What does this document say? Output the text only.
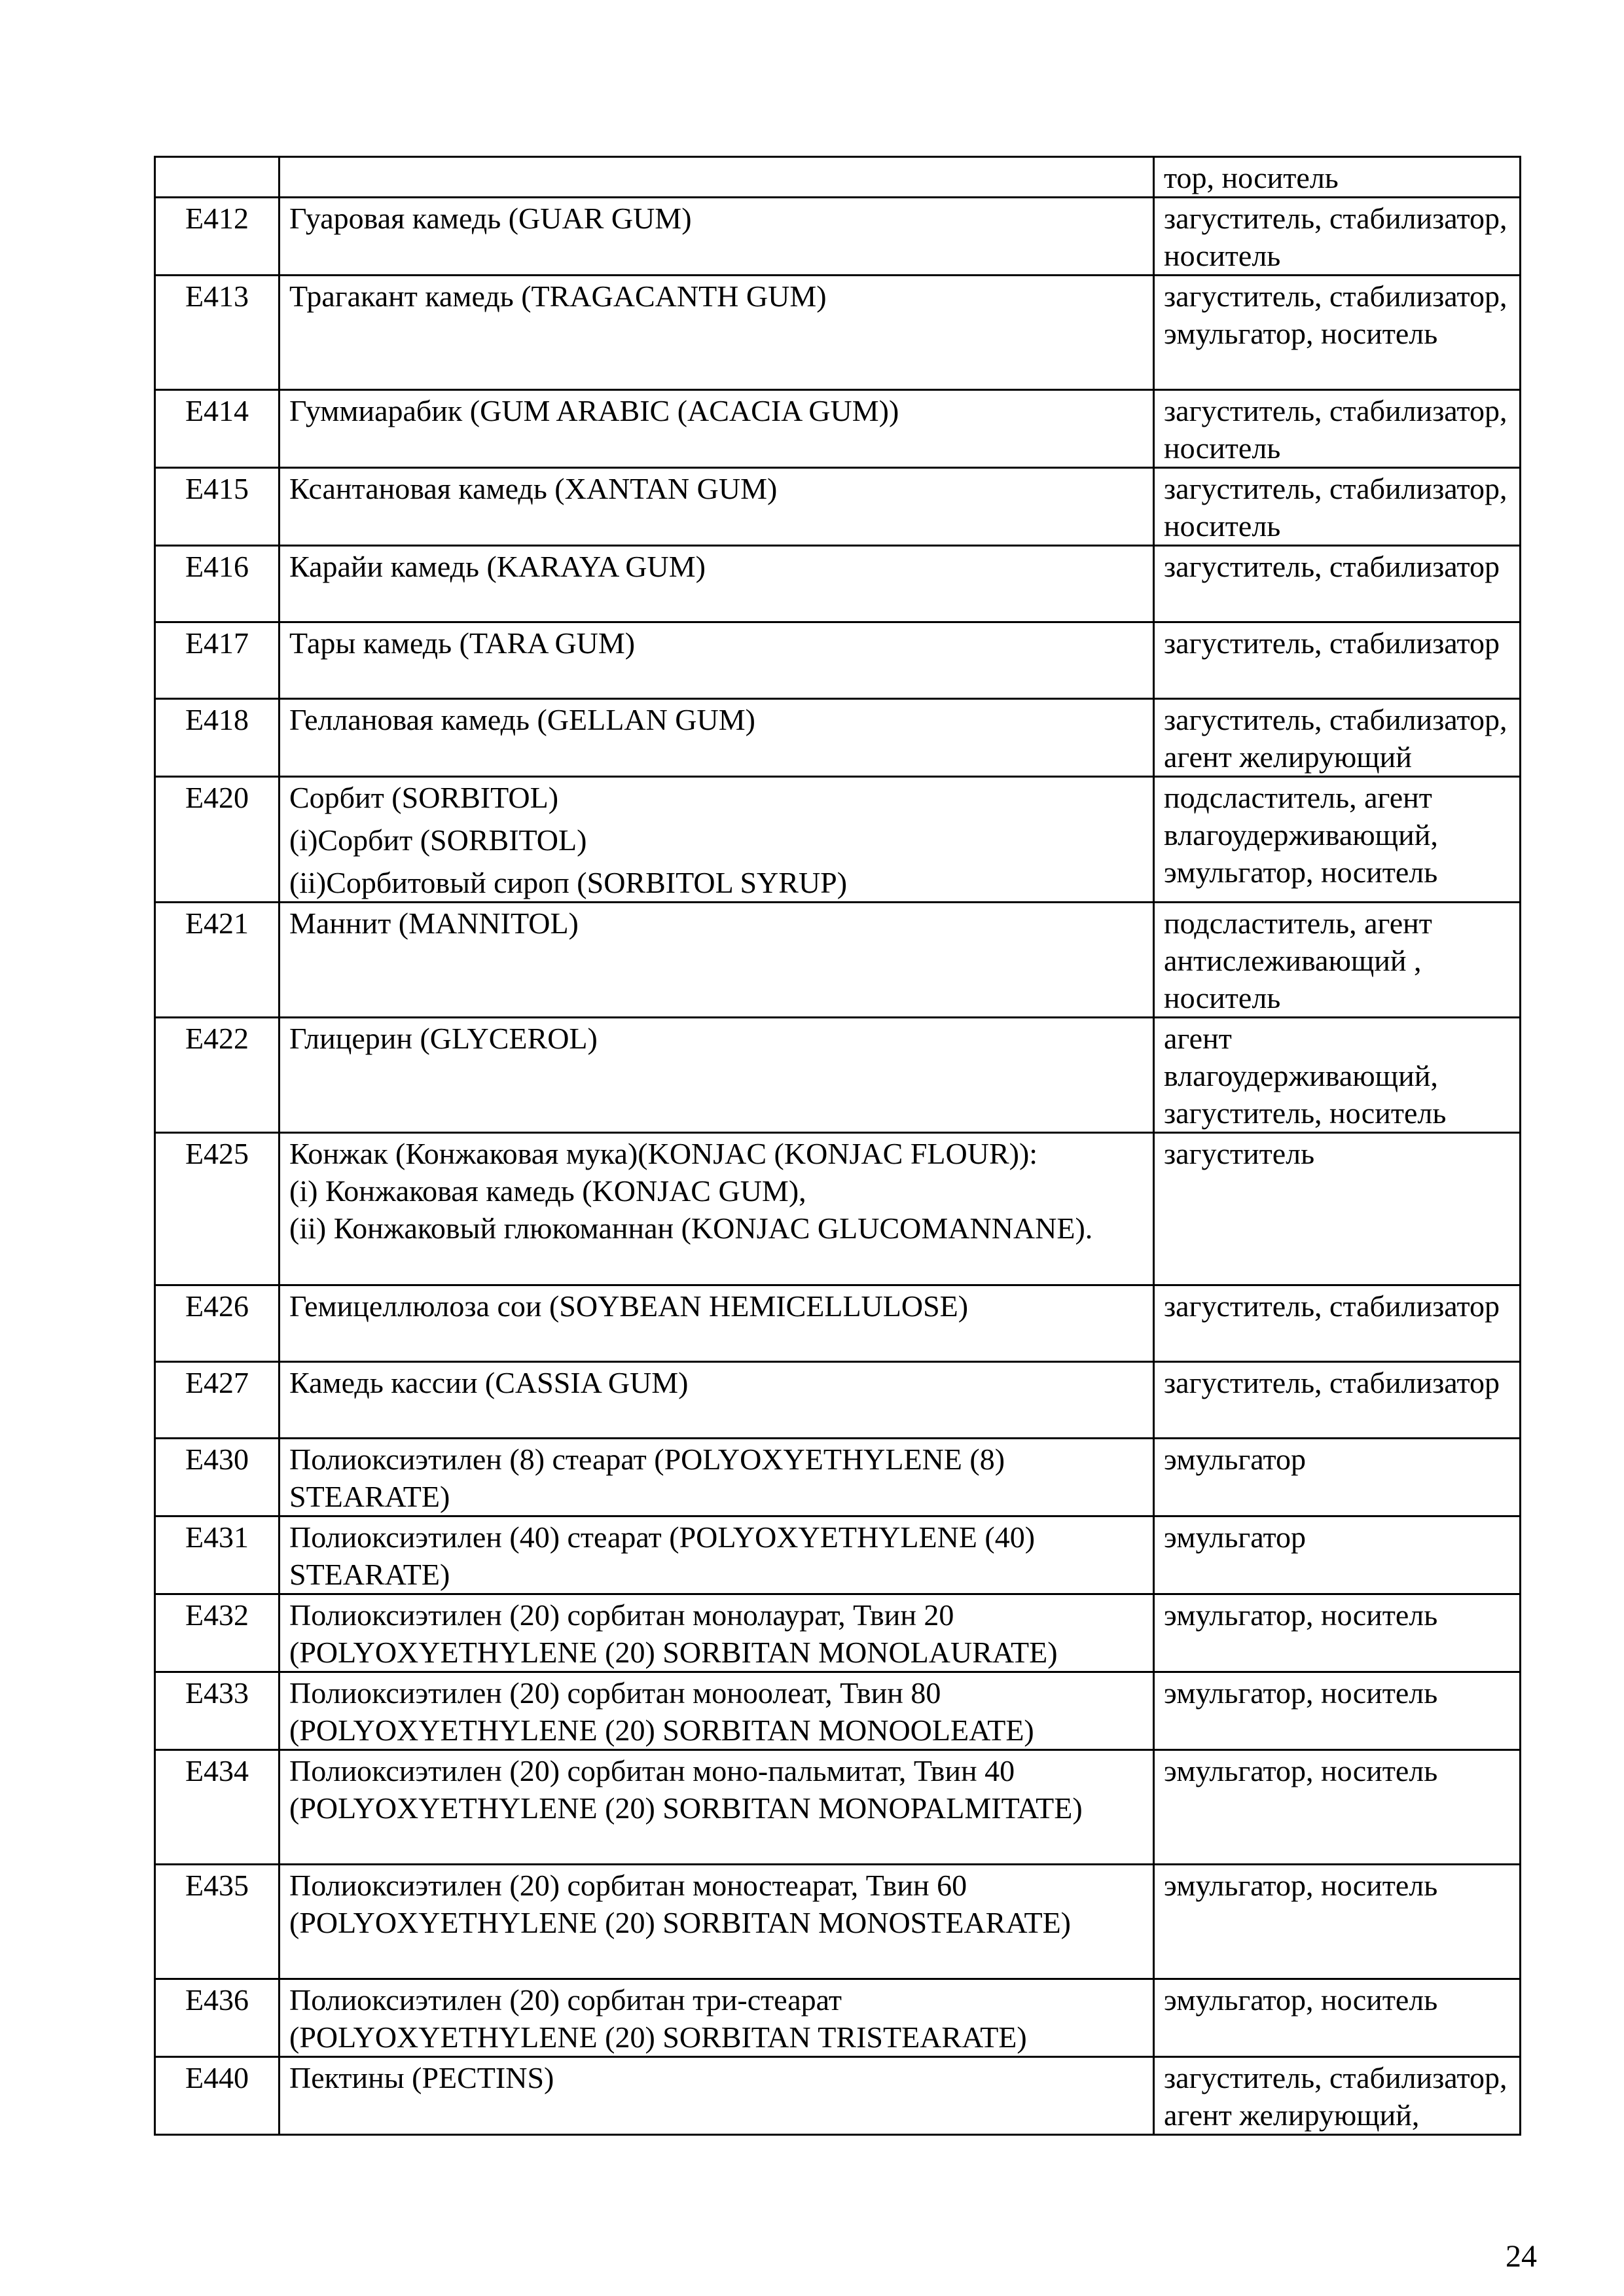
	тор, носитель
E412	Гуаровая камедь (GUAR GUM)	загуститель, стабилизатор, носитель
E413	Трагакант камедь (TRAGACANTH GUM)	загуститель, стабилизатор, эмульгатор, носитель
E414	Гуммиарабик (GUM ARABIC (ACACIA GUM))	загуститель, стабилизатор, носитель
E415	Ксантановая камедь (XANTAN GUM)	загуститель, стабилизатор, носитель
E416	Карайи камедь (KARAYA GUM)	загуститель, стабилизатор
E417	Тары камедь (TARA GUM)	загуститель, стабилизатор
E418	Геллановая камедь (GELLAN GUM)	загуститель, стабилизатор, агент желирующий
E420	Сорбит (SORBITOL)
(i)Сорбит (SORBITOL)
(ii)Сорбитовый сироп (SORBITOL SYRUP)	подсластитель, агент влагоудерживающий, эмульгатор, носитель
E421	Маннит (MANNITOL)	подсластитель, агент антислеживающий , носитель
E422	Глицерин (GLYCEROL)	агент влагоудерживающий, загуститель, носитель
E425	Конжак (Конжаковая мука)(KONJAC (KONJAC FLOUR)):
(i) Конжаковая камедь (KONJAC GUM),
(ii) Конжаковый глюкоманнан (KONJAC GLUCOMANNANE).	загуститель
E426	Гемицеллюлоза сои (SOYBEAN HEMICELLULOSE)	загуститель, стабилизатор
E427	Камедь кассии (CASSIA GUM)	загуститель, стабилизатор
E430	Полиоксиэтилен (8) стеарат (POLYOXYETHYLENE (8) STEARATE)	эмульгатор
E431	Полиоксиэтилен (40) стеарат (POLYOXYETHYLENE (40) STEARATE)	эмульгатор
E432	Полиоксиэтилен (20) сорбитан монолаурат, Твин 20 (POLYOXYETHYLENE (20) SORBITAN MONOLAURATE)	эмульгатор, носитель
E433	Полиоксиэтилен (20) сорбитан моноолеат, Твин 80 (POLYOXYETHYLENE (20) SORBITAN MONOOLEATE)	эмульгатор, носитель
E434	Полиоксиэтилен (20) сорбитан моно-пальмитат, Твин 40 (POLYOXYETHYLENE (20) SORBITAN MONOPALMITATE)	эмульгатор, носитель
E435	Полиоксиэтилен (20) сорбитан моностеарат, Твин 60 (POLYOXYETHYLENE (20) SORBITAN MONOSTEARATE)	эмульгатор, носитель
E436	Полиоксиэтилен (20) сорбитан три-стеарат (POLYOXYETHYLENE (20) SORBITAN TRISTEARATE)	эмульгатор, носитель
E440	Пектины (PECTINS)	загуститель, стабилизатор, агент желирующий,
24
